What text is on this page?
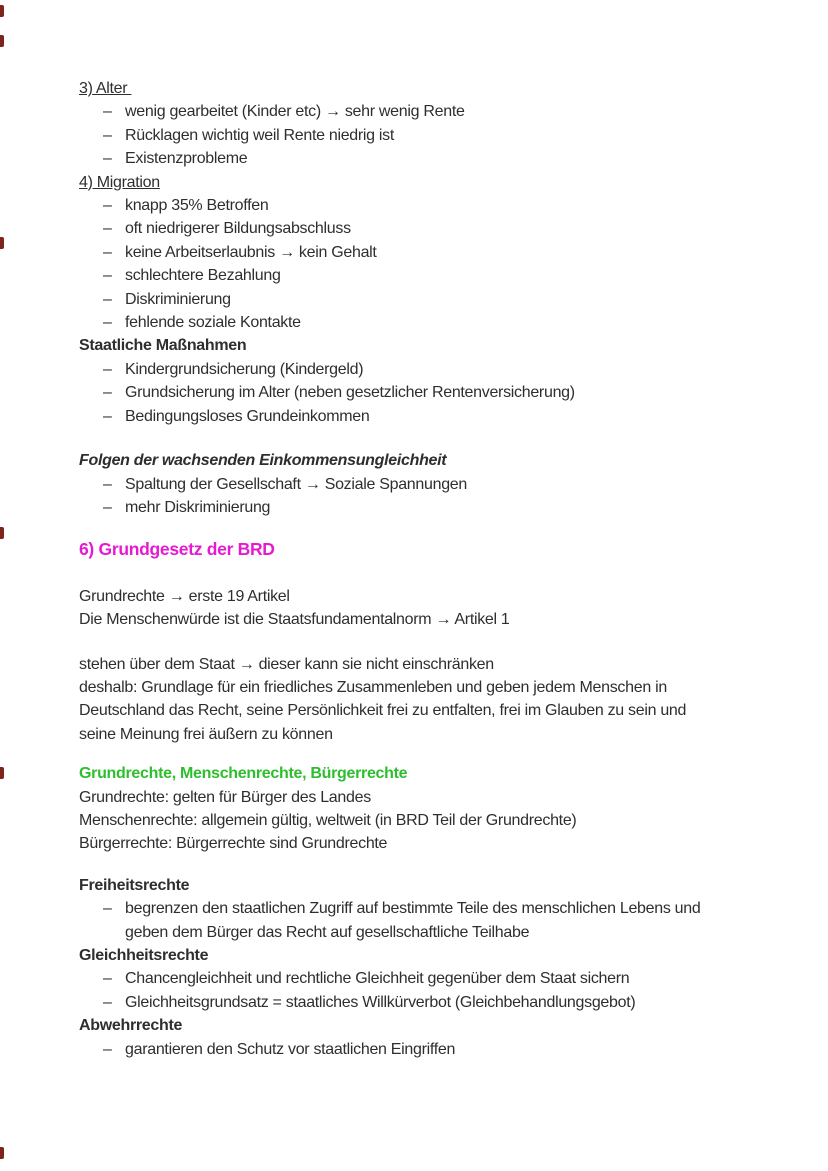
3) Alter
– wenig gearbeitet (Kinder etc) → sehr wenig Rente
– Rücklagen wichtig weil Rente niedrig ist
– Existenzprobleme
4) Migration
– knapp 35% Betroffen
– oft niedrigerer Bildungsabschluss
– keine Arbeitserlaubnis → kein Gehalt
– schlechtere Bezahlung
– Diskriminierung
– fehlende soziale Kontakte
Staatliche Maßnahmen
– Kindergrundsicherung (Kindergeld)
– Grundsicherung im Alter (neben gesetzlicher Rentenversicherung)
– Bedingungsloses Grundeinkommen
Folgen der wachsenden Einkommensungleichheit
– Spaltung der Gesellschaft → Soziale Spannungen
– mehr Diskriminierung
6) Grundgesetz der BRD
Grundrechte → erste 19 Artikel
Die Menschenwürde ist die Staatsfundamentalnorm → Artikel 1
stehen über dem Staat → dieser kann sie nicht einschränken
deshalb: Grundlage für ein friedliches Zusammenleben und geben jedem Menschen in
Deutschland das Recht, seine Persönlichkeit frei zu entfalten, frei im Glauben zu sein und
seine Meinung frei äußern zu können
Grundrechte, Menschenrechte, Bürgerrechte
Grundrechte: gelten für Bürger des Landes
Menschenrechte: allgemein gültig, weltweit (in BRD Teil der Grundrechte)
Bürgerrechte: Bürgerrechte sind Grundrechte
Freiheitsrechte
– begrenzen den staatlichen Zugriff auf bestimmte Teile des menschlichen Lebens und
geben dem Bürger das Recht auf gesellschaftliche Teilhabe
Gleichheitsrechte
– Chancengleichheit und rechtliche Gleichheit gegenüber dem Staat sichern
– Gleichheitsgrundsatz = staatliches Willkürverbot (Gleichbehandlungsgebot)
Abwehrrechte
– garantieren den Schutz vor staatlichen Eingriffen
